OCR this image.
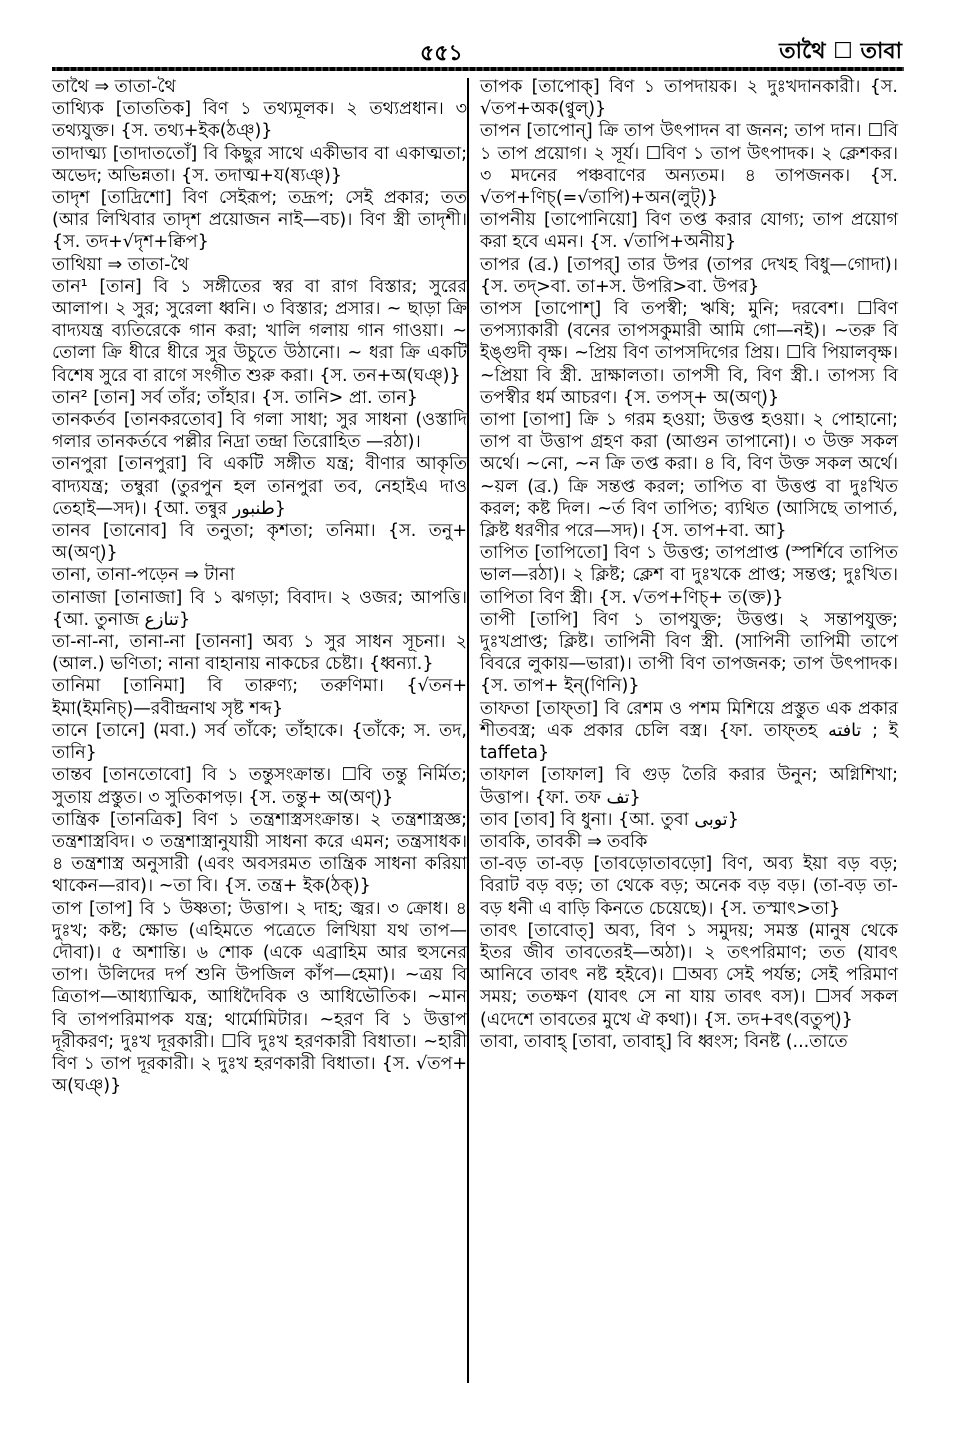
৫৫১	তাথৈ ☐ তাবা

তাথৈ ⇒ তাতা-থৈ

তাথ্যিক [তাততিক] বিণ ১ তথ্যমূলক। ২ তথ্যপ্রধান। ৩ তথ্যযুক্ত। {স. তথ্য+ইক(ঠঞ্)}

তাদাত্ম্য [তাদাততোঁ] বি কিছুর সাথে একীভাব বা একাত্মতা; অভেদ; অভিন্নতা। {স. তদাত্ম+য(ষ্যঞ্)}

তাদৃশ [তাদ্রিশো] বিণ সেইরূপ; তদ্রূপ; সেই প্রকার; তত (আর লিখিবার তাদৃশ প্রয়োজন নাই—বচ)। বিণ স্ত্রী তাদৃশী। {স. তদ+√দৃশ+ক্বিপ}

তাথিয়া ⇒ তাতা-থৈ

তান¹ [তান] বি ১ সঙ্গীতের স্বর বা রাগ বিস্তার; সুরের আলাপ। ২ সুর; সুরেলা ধ্বনি। ৩ বিস্তার; প্রসার। ~ ছাড়া ক্রি বাদ্যযন্ত্র ব্যতিরেকে গান করা; খালি গলায় গান গাওয়া। ~ তোলা ক্রি ধীরে ধীরে সুর উচুতে উঠানো। ~ ধরা ক্রি একটি বিশেষ সুরে বা রাগে সংগীত শুরু করা। {স. তন+অ(ঘঞ্)}

তান² [তান] সর্ব তাঁর; তাঁহার। {স. তানি> প্রা. তান}

তানকর্তব [তানকরতোব] বি গলা সাধা; সুর সাধনা (ওস্তাদি গলার তানকর্তবে পল্লীর নিদ্রা তন্দ্রা তিরোহিত —রঠা)।

তানপুরা [তানপুরা] বি একটি সঙ্গীত যন্ত্র; বীণার আকৃতি বাদ্যযন্ত্র; তম্বুরা (তুরপুন হল তানপুরা তব, নেহাইএ দাও তেহাই—সদ)। {আ. তন্বুর طنبور}

তানব [তানোব] বি তনুতা; কৃশতা; তনিমা। {স. তনু+ অ(অণ্)}

তানা, তানা-পড়েন ⇒ টানা

তানাজা [তানাজা] বি ১ ঝগড়া; বিবাদ। ২ ওজর; আপত্তি। {আ. তুনাজ تنازع}

তা-না-না, তানা-না [তাননা] অব্য ১ সুর সাধন সূচনা। ২ (আল.) ভণিতা; নানা বাহানায় নাকচের চেষ্টা। {ধ্বন্যা.}

তানিমা [তানিমা] বি তারুণ্য; তরুণিমা। {√তন+ ইমা(ইমনিচ্)—রবীন্দ্রনাথ সৃষ্ট শব্দ}

তানে [তানে] (মবা.) সর্ব তাঁকে; তাঁহাকে। {তাঁকে; স. তদ, তানি}

তান্তব [তানতোবো] বি ১ তন্তুসংক্রান্ত। ☐বি তন্তু নির্মিত; সুতায় প্রস্তুত। ৩ সুতিকাপড়। {স. তন্তু+ অ(অণ্)}

তান্ত্রিক [তানত্রিক] বিণ ১ তন্ত্রশাস্ত্রসংক্রান্ত। ২ তন্ত্রশাস্ত্রজ্ঞ; তন্ত্রশাস্ত্রবিদ। ৩ তন্ত্রশাস্ত্রানুযায়ী সাধনা করে এমন; তন্ত্রসাধক। ৪ তন্ত্রশাস্ত্র অনুসারী (এবং অবসরমত তান্ত্রিক সাধনা করিয়া থাকেন—রাব)। ~তা বি। {স. তন্ত্র+ ইক(ঠক্)}

তাপ [তাপ] বি ১ উষ্ণতা; উত্তাপ। ২ দাহ; জ্বর। ৩ ক্রোধ। ৪ দুঃখ; কষ্ট; ক্ষোভ (এহিমতে পত্রেতে লিখিয়া যথ তাপ—দৌবা)। ৫ অশান্তি। ৬ শোক (একে এব্রাহিম আর হুসনের তাপ। উলিদের দর্প শুনি উপজিল কাঁপ—হেমা)। ~ত্রয় বি ত্রিতাপ—আধ্যাত্মিক, আধিদৈবিক ও আধিভৌতিক। ~মান বি তাপপরিমাপক যন্ত্র; থার্মোমিটার। ~হরণ বি ১ উত্তাপ দূরীকরণ; দুঃখ দূরকারী। ☐বি দুঃখ হরণকারী বিধাতা। ~হারী বিণ ১ তাপ দূরকারী। ২ দুঃখ হরণকারী বিধাতা। {স. √তপ+ অ(ঘঞ্)}

তাপক [তাপোক্] বিণ ১ তাপদায়ক। ২ দুঃখদানকারী। {স. √তপ+অক(ণ্বুল্)}

তাপন [তাপোন্] ক্রি তাপ উৎপাদন বা জনন; তাপ দান। ☐বি ১ তাপ প্রয়োগ। ২ সূর্য। ☐বিণ ১ তাপ উৎপাদক। ২ ক্লেশকর। ৩ মদনের পঞ্চবাণের অন্যতম। ৪ তাপজনক। {স. √তপ+ণিচ্(=√তাপি)+অন(লুট্)}

তাপনীয় [তাপোনিয়ো] বিণ তপ্ত করার যোগ্য; তাপ প্রয়োগ করা হবে এমন। {স. √তাপি+অনীয়}

তাপর (ব্র.) [তাপর্] তার উপর (তাপর দেখহ বিধু—গোদা)। {স. তদ্>বা. তা+স. উপরি>বা. উপর}

তাপস [তাপোশ্] বি তপস্বী; ঋষি; মুনি; দরবেশ। ☐বিণ তপস্যাকারী (বনের তাপসকুমারী আমি গো—নই)। ~তরু বি ইঙ্গুদী বৃক্ষ। ~প্রিয় বিণ তাপসদিগের প্রিয়। ☐বি পিয়ালবৃক্ষ। ~প্রিয়া বি স্ত্রী. দ্রাক্ষালতা। তাপসী বি, বিণ স্ত্রী.। তাপস্য বি তপস্বীর ধর্ম আচরণ। {স. তপস্+ অ(অণ্)}

তাপা [তাপা] ক্রি ১ গরম হওয়া; উত্তপ্ত হওয়া। ২ পোহানো; তাপ বা উত্তাপ গ্রহণ করা (আগুন তাপানো)। ৩ উক্ত সকল অর্থে। ~নো, ~ন ক্রি তপ্ত করা। ৪ বি, বিণ উক্ত সকল অর্থে। ~য়ল (ব্র.) ক্রি সন্তপ্ত করল; তাপিত বা উত্তপ্ত বা দুঃখিত করল; কষ্ট দিল। ~র্ত বিণ তাপিত; ব্যথিত (আসিছে তাপার্ত, ক্লিষ্ট ধরণীর পরে—সদ)। {স. তাপ+বা. আ}

তাপিত [তাপিতো] বিণ ১ উত্তপ্ত; তাপপ্রাপ্ত (স্পর্শিবে তাপিত ভাল—রঠা)। ২ ক্লিষ্ট; ক্লেশ বা দুঃখকে প্রাপ্ত; সন্তপ্ত; দুঃখিত। তাপিতা বিণ স্ত্রী। {স. √তপ+ণিচ্+ ত(ক্ত)}

তাপী [তাপি] বিণ ১ তাপযুক্ত; উত্তপ্ত। ২ সন্তাপযুক্ত; দুঃখপ্রাপ্ত; ক্লিষ্ট। তাপিনী বিণ স্ত্রী. (সাপিনী তাপিমী তাপে বিবরে লুকায়—ভারা)। তাপী বিণ তাপজনক; তাপ উৎপাদক। {স. তাপ+ ইন্(ণিনি)}

তাফতা [তাফ্তা] বি রেশম ও পশম মিশিয়ে প্রস্তুত এক প্রকার শীতবস্ত্র; এক প্রকার চেলি বস্ত্র। {ফা. তাফ্তহ تافته ; ই taffeta}

তাফাল [তাফাল] বি গুড় তৈরি করার উনুন; অগ্নিশিখা; উত্তাপ। {ফা. তফ تف}

তাব [তাব] বি ধুনা। {আ. তুবা توبى}

তাবকি, তাবকী ⇒ তবকি

তা-বড় তা-বড় [তাবড়োতাবড়ো] বিণ, অব্য ইয়া বড় বড়; বিরাট বড় বড়; তা থেকে বড়; অনেক বড় বড়। (তা-বড় তা-বড় ধনী এ বাড়ি কিনতে চেয়েছে)। {স. তস্মাৎ>তা}

তাবৎ [তাবোত্] অব্য, বিণ ১ সমুদয়; সমস্ত (মানুষ থেকে ইতর জীব তাবতেরই—অঠা)। ২ তৎপরিমাণ; তত (যাবৎ আনিবে তাবৎ নষ্ট হইবে)। ☐অব্য সেই পর্যন্ত; সেই পরিমাণ সময়; ততক্ষণ (যাবৎ সে না যায় তাবৎ বস)। ☐সর্ব সকল (এদেশে তাবতের মুখে ঐ কথা)। {স. তদ+বৎ(বতুপ্)}

তাবা, তাবাহ্ [তাবা, তাবাহ্] বি ধ্বংস; বিনষ্ট (...তাতে
